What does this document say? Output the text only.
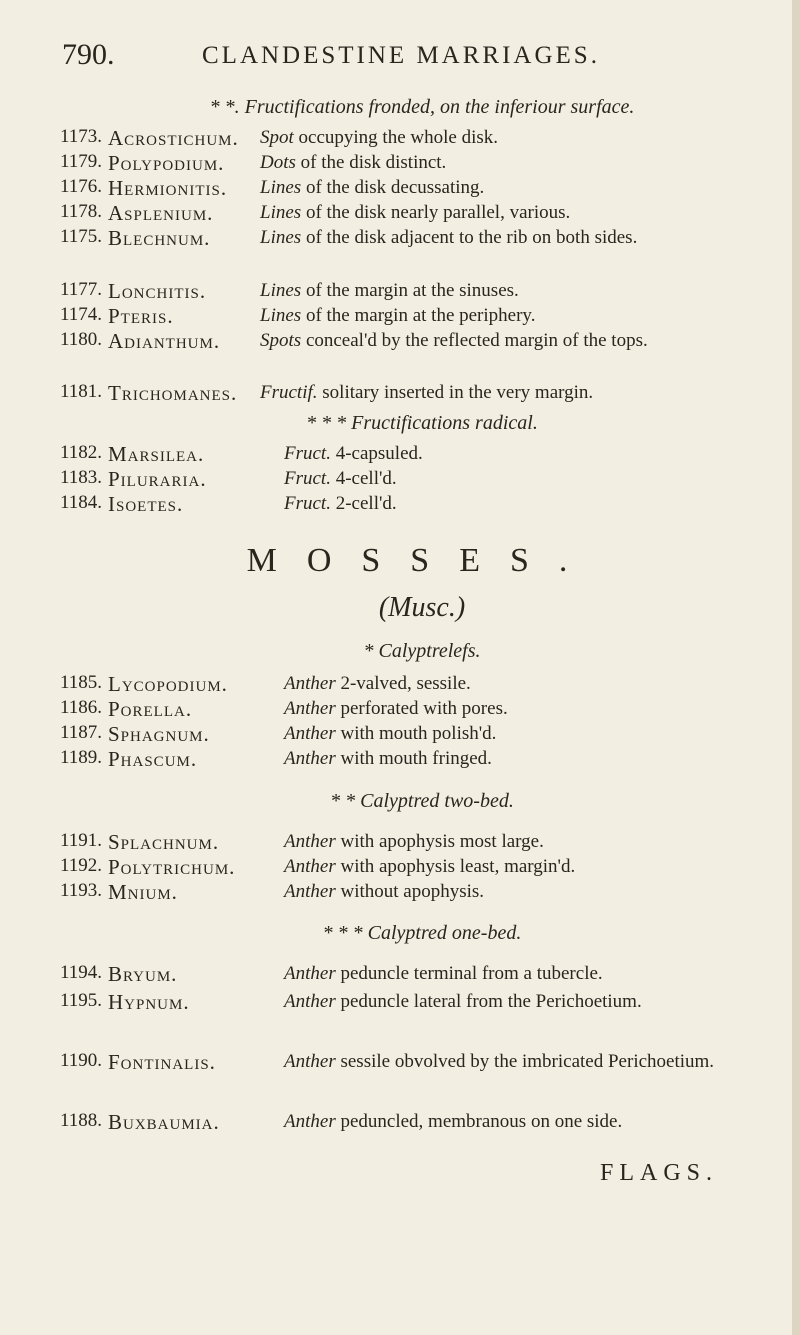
790.	CLANDESTINE MARRIAGES.
* *. Fructifications fronded, on the inferiour surface.
1173. Acrostichum. Spot occupying the whole disk.
1179. Polypodium. Dots of the disk distinct.
1176. Hermionitis. Lines of the disk decussating.
1178. Asplenium. Lines of the disk nearly parallel, various.
1175. Blechnum.	Lines of the disk adjacent to the rib on both sides.
1177. Lonchitis.	Lines of the margin at the sinuses.
1174. Pteris.	Lines of the margin at the periphery.
1180. Adianthum. Spots conceal'd by the reflected margin of the tops.
1181. Trichomanes. Fructif. solitary inserted in the very margin.
* * * Fructifications radical.
1182. Marsilea.	Fruct. 4-capsuled.
1183. Piluraria.	Fruct. 4-cell'd.
1184. Isoetes.	Fruct. 2-cell'd.
MOSSES.
(Musc.)
* Calyptrelefs.
1185. Lycopodium.	Anther 2-valved, sessile.
1186. Porella.	Anther perforated with pores.
1187. Sphagnum.	Anther with mouth polish'd.
1189. Phascum.	Anther with mouth fringed.
* * Calyptred two-bed.
1191. Splachnum.	Anther with apophysis most large.
1192. Polytrichum.	Anther with apophysis least, margin'd.
1193. Mnium.	Anther without apophysis.
* * * Calyptred one-bed.
1194. Bryum.	Anther peduncle terminal from a tubercle.
1195. Hypnum.	Anther peduncle lateral from the Perichoetium.
1190. Fontinalis.	Anther sessile obvolved by the imbricated Perichoetium.
1188. Buxbaumia.	Anther peduncled, membranous on one side.
FLAGS.
